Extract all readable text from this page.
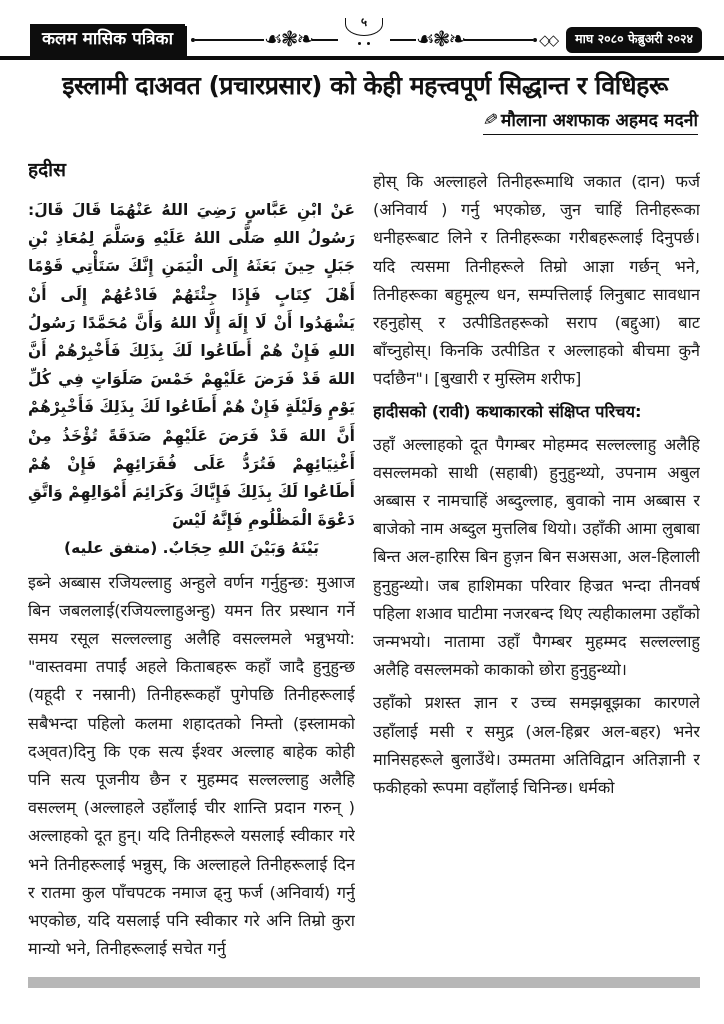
कलम मासिक पत्रिका	☙❃❧
५
☙❃❧	◇◇	माघ २०८० फेब्रुअरी २०२४
इस्लामी दाअवत (प्रचारप्रसार) को केही महत्त्वपूर्ण सिद्धान्त र विधिहरू
✎ मौलाना अशफाक अहमद मदनी
हदीस

عَنْ ابْنِ عَبَّاسٍ رَضِيَ اللهُ عَنْهُمَا قَالَ قَالَ: رَسُولُ اللهِ صَلَّى اللهُ عَلَيْهِ وَسَلَّمَ لِمُعَاذِ بْنِ جَبَلٍ حِينَ بَعَثَهُ إِلَى الْيَمَنِ إِنَّكَ سَتَأْتِي قَوْمًا أَهْلَ كِتَابٍ فَإِذَا جِئْتَهُمْ فَادْعُهُمْ إِلَى أَنْ يَشْهَدُوا أَنْ لَا إِلَهَ إِلَّا اللهُ وَأَنَّ مُحَمَّدًا رَسُولُ اللهِ فَإِنْ هُمْ أَطَاعُوا لَكَ بِذَلِكَ فَأَخْبِرْهُمْ أَنَّ اللهَ قَدْ فَرَضَ عَلَيْهِمْ خَمْسَ صَلَوَاتٍ فِي كُلِّ يَوْمٍ وَلَيْلَةٍ فَإِنْ هُمْ أَطَاعُوا لَكَ بِذَلِكَ فَأَخْبِرْهُمْ أَنَّ اللهَ قَدْ فَرَضَ عَلَيْهِمْ صَدَقَةً تُؤْخَذُ مِنْ أَغْنِيَائِهِمْ فَتُرَدُّ عَلَى فُقَرَائِهِمْ فَإِنْ هُمْ أَطَاعُوا لَكَ بِذَلِكَ فَإِيَّاكَ وَكَرَائِمَ أَمْوَالِهِمْ وَاتَّقِ دَعْوَةَ الْمَظْلُومِ فَإِنَّهُ لَيْسَ

بَيْنَهُ وَبَيْنَ اللهِ حِجَابٌ. (متفق عليه)

इब्ने अब्बास रजियल्लाहु अन्हुले वर्णन गर्नुहुन्छ: मुआज बिन जबललाई(रजियल्लाहुअन्हु) यमन तिर प्रस्थान गर्ने समय रसूल सल्लल्लाहु अलैहि वसल्लमले भन्नुभयो: "वास्तवमा तपाईं अहले किताबहरू कहाँ जादै हुनुहुन्छ (यहूदी र नस्रानी) तिनीहरूकहाँ पुगेपछि तिनीहरूलाई सबैभन्दा पहिलो कलमा शहादतको निम्तो (इस्लामको दअ्वत)दिनु कि एक सत्य ईश्वर अल्लाह बाहेक कोही पनि सत्य पूजनीय छैन र मुहम्मद सल्लल्लाहु अलैहि वसल्लम् (अल्लाहले उहाँलाई चीर शान्ति प्रदान गरुन् ) अल्लाहको दूत हुन्। यदि तिनीहरूले यसलाई स्वीकार गरे भने तिनीहरूलाई भन्नुस्, कि अल्लाहले तिनीहरूलाई दिन र रातमा कुल पाँचपटक नमाज ढ्नु फर्ज (अनिवार्य) गर्नु भएकोछ, यदि यसलाई पनि स्वीकार गरे अनि तिम्रो कुरा मान्यो भने, तिनीहरूलाई सचेत गर्नु

होस् कि अल्लाहले तिनीहरूमाथि जकात (दान) फर्ज (अनिवार्य ) गर्नु भएकोछ, जुन चाहिं तिनीहरूका धनीहरूबाट लिने र तिनीहरूका गरीबहरूलाई दिनुपर्छ। यदि त्यसमा तिनीहरूले तिम्रो आज्ञा गर्छन् भने, तिनीहरूका बहुमूल्य धन, सम्पत्तिलाई लिनुबाट सावधान रहनुहोस् र उत्पीडितहरूको सराप (बद्दुआ) बाट बाँच्नुहोस्। किनकि उत्पीडित र अल्लाहको बीचमा कुनै पर्दाछैन"। [बुखारी र मुस्लिम शरीफ]

हादीसको (रावी) कथाकारको संक्षिप्त परिचय:

उहाँ अल्लाहको दूत पैगम्बर मोहम्मद सल्लल्लाहु अलैहि वसल्लमको साथी (सहाबी) हुनुहुन्थ्यो, उपनाम अबुल अब्बास र नामचाहिं अब्दुल्लाह, बुवाको नाम अब्बास र बाजेको नाम अब्दुल मुत्तलिब थियो। उहाँकी आमा लुबाबा बिन्त अल-हारिस बिन हुज़न बिन सअसआ, अल-हिलाली हुनुहुन्थ्यो। जब हाशिमका परिवार हिज्रत भन्दा तीनवर्ष पहिला शआव घाटीमा नजरबन्द थिए त्यहीकालमा उहाँको जन्मभयो। नातामा उहाँ पैगम्बर मुहम्मद सल्लल्लाहु अलैहि वसल्लमको काकाको छोरा हुनुहुन्थ्यो।

उहाँको प्रशस्त ज्ञान र उच्च समझबूझका कारणले उहाँलाई मसी र समुद्र (अल-हिब्रर अल-बहर) भनेर मानिसहरूले बुलाउँथे। उम्मतमा अतिविद्वान अतिज्ञानी र फकीहको रूपमा वहाँलाई चिनिन्छ। धर्मको
